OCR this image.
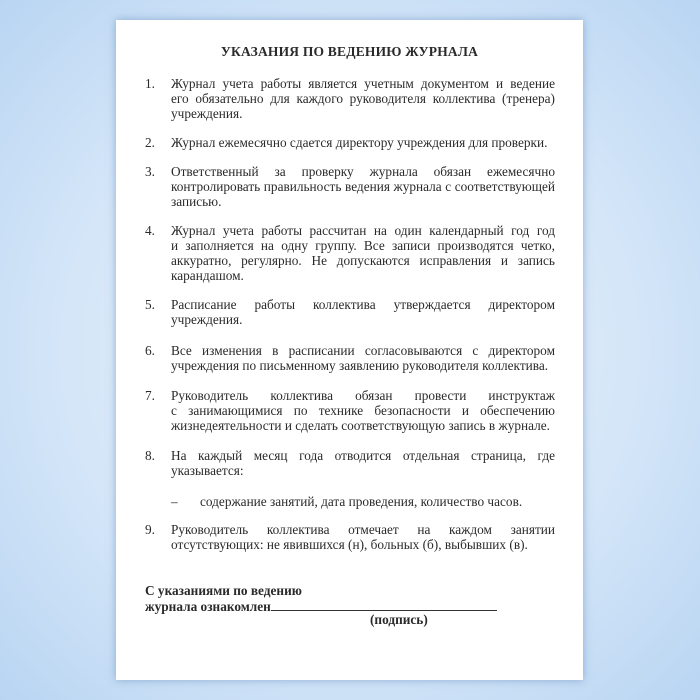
УКАЗАНИЯ ПО ВЕДЕНИЮ ЖУРНАЛА
1. Журнал учета работы является учетным документом и ведение
его обязательно для каждого руководителя коллектива (тренера)
учреждения.
2. Журнал ежемесячно сдается директору учреждения для проверки.
3. Ответственный за проверку журнала обязан ежемесячно
контролировать правильность ведения журнала с соответствующей
записью.
4. Журнал учета работы рассчитан на один календарный год год
и заполняется на одну группу. Все записи производятся четко,
аккуратно, регулярно. Не допускаются исправления и запись
карандашом.
5. Расписание работы коллектива утверждается директором
учреждения.
6. Все изменения в расписании согласовываются с директором
учреждения по письменному заявлению руководителя коллектива.
7. Руководитель коллектива обязан провести инструктаж
с занимающимися по технике безопасности и обеспечению
жизнедеятельности и сделать соответствующую запись в журнале.
8. На каждый месяц года отводится отдельная страница, где
указывается:
9. Руководитель коллектива отмечает на каждом занятии
отсутствующих: не явившихся (н), больных (б), выбывших (в).
– содержание занятий, дата проведения, количество часов.
С указаниями по ведению
журнала ознакомлен
(подпись)
